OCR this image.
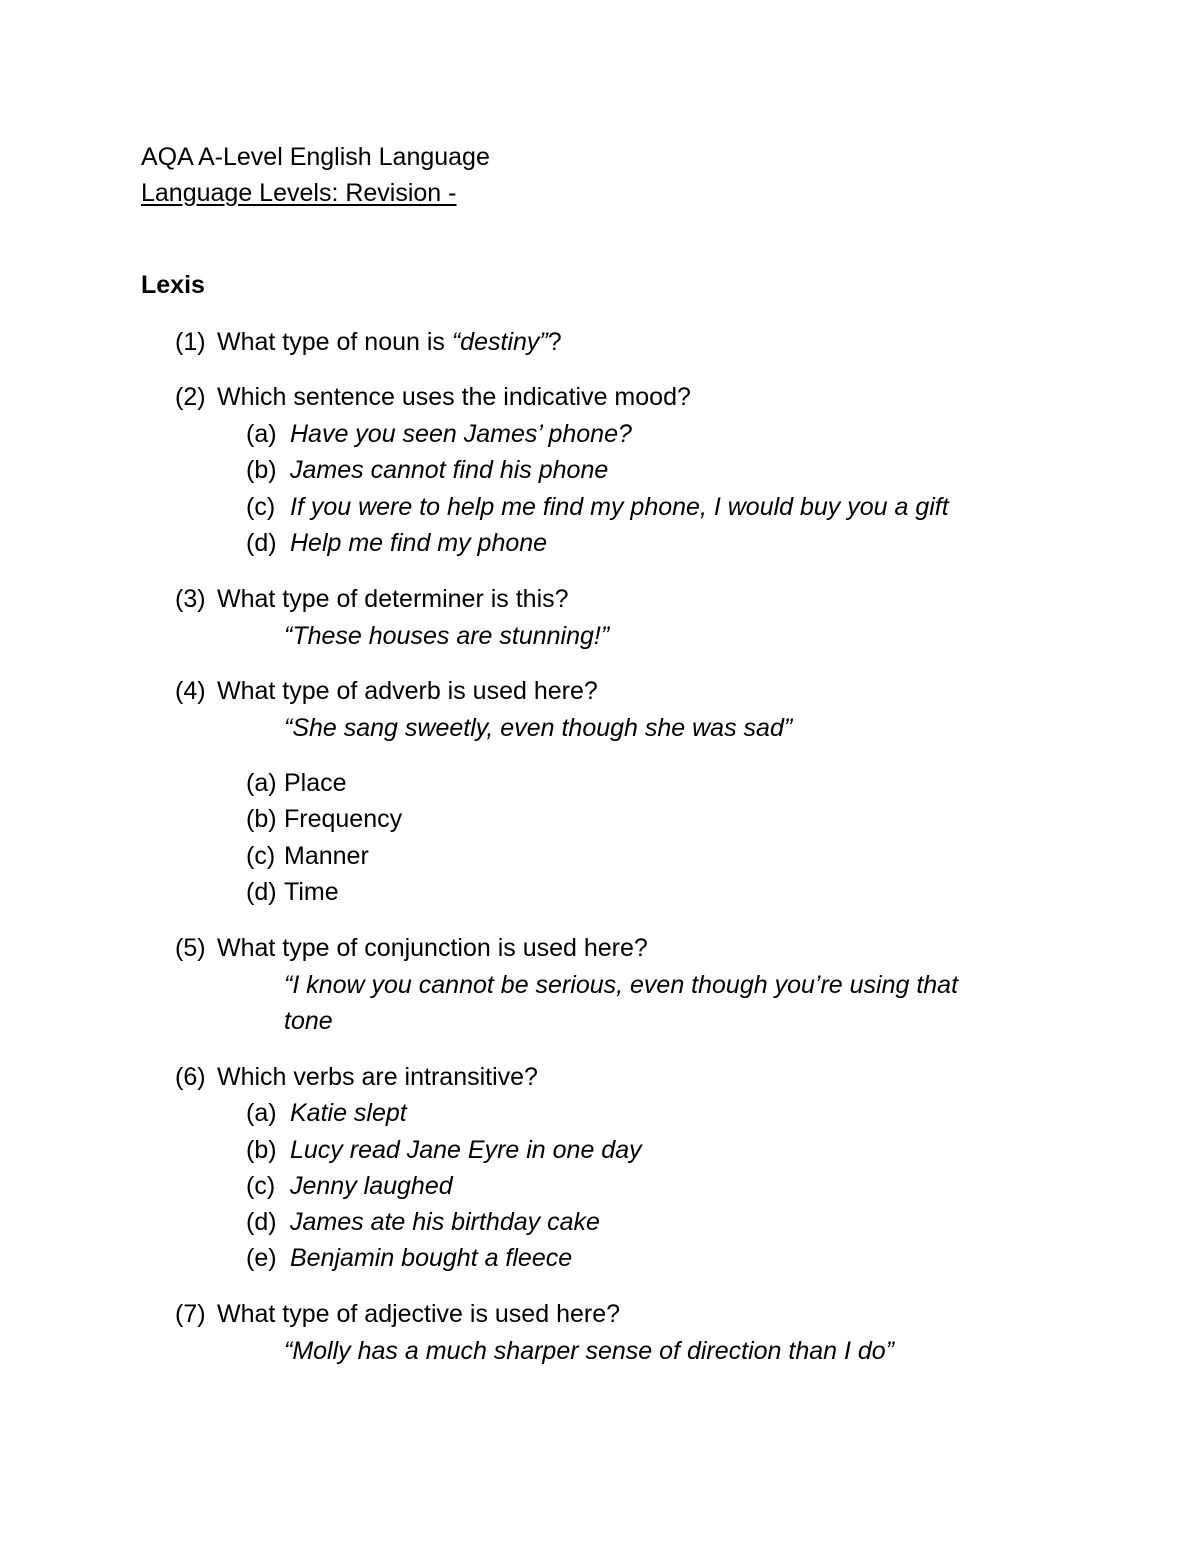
AQA A-Level English Language
Language Levels: Revision -
Lexis
(1) What type of noun is “destiny”?
(2) Which sentence uses the indicative mood?
(a) Have you seen James’ phone?
(b) James cannot find his phone
(c) If you were to help me find my phone, I would buy you a gift
(d) Help me find my phone
(3) What type of determiner is this?
“These houses are stunning!”
(4) What type of adverb is used here?
“She sang sweetly, even though she was sad”
(a) Place
(b) Frequency
(c) Manner
(d) Time
(5) What type of conjunction is used here?
“I know you cannot be serious, even though you’re using that
tone
(6) Which verbs are intransitive?
(a) Katie slept
(b) Lucy read Jane Eyre in one day
(c) Jenny laughed
(d) James ate his birthday cake
(e) Benjamin bought a fleece
(7) What type of adjective is used here?
“Molly has a much sharper sense of direction than I do”
